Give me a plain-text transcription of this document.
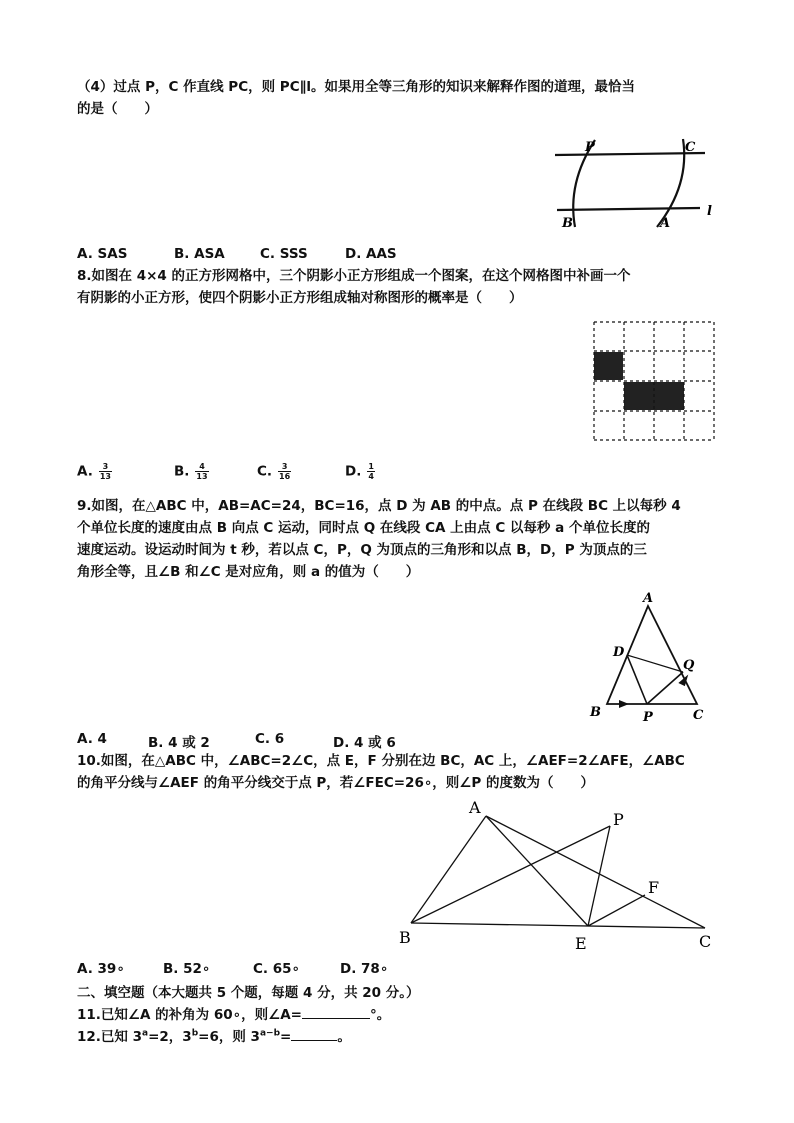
（4）过点 P，C 作直线 PC，则 PC∥l。如果用全等三角形的知识来解释作图的道理，最恰当
的是（　　）
P	C
B	A
l
A. SAS	B. ASA	C. SSS	D. AAS
8.如图在 4×4 的正方形网格中，三个阴影小正方形组成一个图案，在这个网格图中补画一个
有阴影的小正方形，使四个阴影小正方形组成轴对称图形的概率是（　　）
A. $\frac{3}{13}$	B. $\frac{4}{13}$	C. $\frac{3}{16}$	D. $\frac{1}{4}$
9.如图，在△ABC 中，AB=AC=24，BC=16，点 D 为 AB 的中点。点 P 在线段 BC 上以每秒 4
个单位长度的速度由点 B 向点 C 运动，同时点 Q 在线段 CA 上由点 C 以每秒 a 个单位长度的
速度运动。设运动时间为 t 秒，若以点 C，P，Q 为顶点的三角形和以点 B，D，P 为顶点的三
角形全等，且∠B 和∠C 是对应角，则 a 的值为（　　）
A
D
Q
B	P	C
A. 4	B. 4 或 2	C. 6	D. 4 或 6
10.如图，在△ABC 中，∠ABC=2∠C，点 E，F 分别在边 BC，AC 上，∠AEF=2∠AFE，∠ABC
的角平分线与∠AEF 的角平分线交于点 P，若∠FEC=26∘，则∠P 的度数为（　　）
A
P
F
B	E	C
A. 39∘	B. 52∘	C. 65∘	D. 78∘
二、填空题（本大题共 5 个题，每题 4 分，共 20 分。）
11.已知∠A 的补角为 60∘，则∠A=	°。
12.已知 $3^a=2$，$3^b=6$，则 $3^{a-b}=$	。
